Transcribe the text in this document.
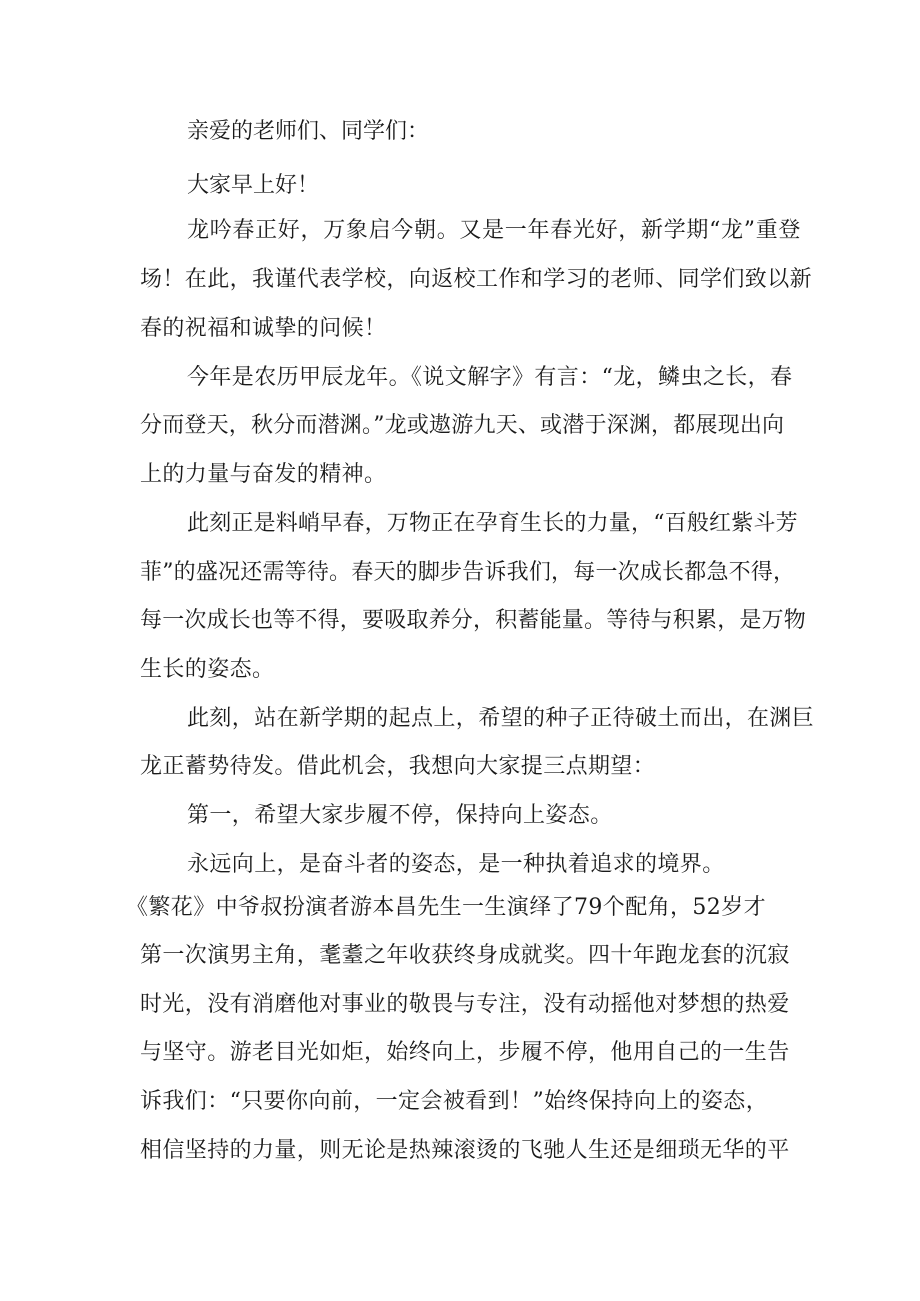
亲爱的老师们、同学们：
大家早上好！
龙吟春正好，万象启今朝。又是一年春光好，新学期“龙”重登
场！在此，我谨代表学校，向返校工作和学习的老师、同学们致以新
春的祝福和诚挚的问候！
今年是农历甲辰龙年。《说文解字》有言：“龙，鳞虫之长，春
分而登天，秋分而潜渊。”龙或遨游九天、或潜于深渊，都展现出向
上的力量与奋发的精神。
此刻正是料峭早春，万物正在孕育生长的力量，“百般红紫斗芳
菲”的盛况还需等待。春天的脚步告诉我们，每一次成长都急不得，
每一次成长也等不得，要吸取养分，积蓄能量。等待与积累，是万物
生长的姿态。
此刻，站在新学期的起点上，希望的种子正待破土而出，在渊巨
龙正蓄势待发。借此机会，我想向大家提三点期望：
第一，希望大家步履不停，保持向上姿态。
永远向上，是奋斗者的姿态，是一种执着追求的境界。
《繁花》中爷叔扮演者游本昌先生一生演绎了79个配角，52岁才
第一次演男主角，耄耋之年收获终身成就奖。四十年跑龙套的沉寂
时光，没有消磨他对事业的敬畏与专注，没有动摇他对梦想的热爱
与坚守。游老目光如炬，始终向上，步履不停，他用自己的一生告
诉我们：“只要你向前，一定会被看到！”始终保持向上的姿态，
相信坚持的力量，则无论是热辣滚烫的飞驰人生还是细琐无华的平
